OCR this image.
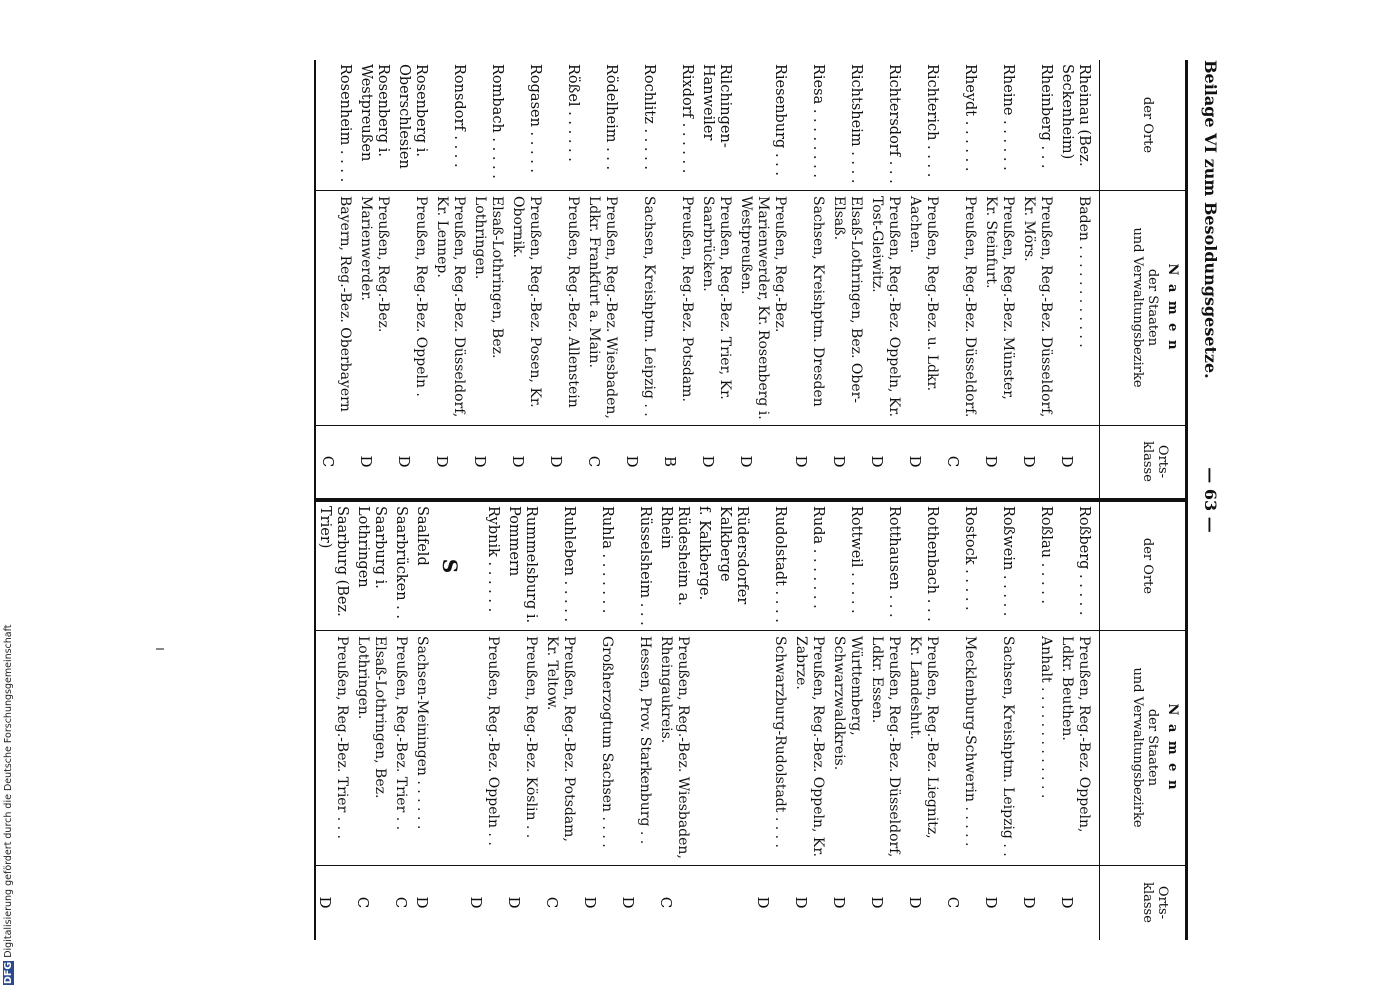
Beilage VI zum Besoldungsgesetze.
— 63 —
der Orte
N a m e n
der Staaten
und Verwaltungsbezirke
Orts-
klasse
der Orte
N a m e n
der Staaten
und Verwaltungsbezirke
Orts-
klasse
Rheinau (Bez. Seckenheim)
Baden . . . . . . . . . . . .
D
Rheinberg . . .
Preußen, Reg.-Bez. Düsseldorf, Kr. Mörs.
D
Rheine . . . . . .
Preußen, Reg.-Bez. Münster, Kr. Steinfurt.
D
Rheydt . . . . . .
Preußen, Reg.-Bez. Düsseldorf.
C
Richterich . . . .
Preußen, Reg.-Bez. u. Ldkr. Aachen.
D
Richtersdorf . . .
Preußen, Reg.-Bez. Oppeln, Kr. Tost-Gleiwitz.
D
Richtsheim . . . .
Elsaß-Lothringen, Bez. Ober-Elsaß.
D
Riesa . . . . . . . .
Sachsen, Kreishptm. Dresden
D
Riesenburg . . .
Preußen, Reg.-Bez. Marienwerder, Kr. Rosenberg i. Westpreußen.
D
Rilchingen-Hanweiler
Preußen, Reg.-Bez. Trier, Kr. Saarbrücken.
D
Rixdorf . . . . . .
Preußen, Reg.-Bez. Potsdam.
B
Rochlitz . . . . .
Sachsen, Kreishptm. Leipzig . .
D
Rödelheim . . .
Preußen, Reg.-Bez. Wiesbaden, Ldkr. Frankfurt a. Main.
C
Rößel . . . . . .
Preußen, Reg.-Bez. Allenstein
D
Rogasen . . . . .
Preußen, Reg.-Bez. Posen, Kr. Obornik.
D
Rombach . . . . .
Elsaß-Lothringen, Bez. Lothringen.
D
Ronsdorf . . . .
Preußen, Reg.-Bez. Düsseldorf, Kr. Lennep.
D
Rosenberg i. Oberschlesien
Preußen, Reg.-Bez. Oppeln .
D
Rosenberg i. Westpreußen
Preußen, Reg.-Bez. Marienwerder.
D
Rosenheim . . . .
Bayern, Reg.-Bez. Oberbayern
C
Roßberg . . . . .
Preußen, Reg.-Bez. Oppeln, Ldkr. Beuthen.
D
Roßlau . . . . .
Anhalt . . . . . . . . . . . . .
D
Roßwein . . . . .
Sachsen, Kreishptm. Leipzig . .
D
Rostock . . . . .
Mecklenburg-Schwerin . . . . .
C
Rothenbach . . .
Preußen, Reg.-Bez. Liegnitz, Kr. Landeshut.
D
Rotthausen . . .
Preußen, Reg.-Bez. Düsseldorf, Ldkr. Essen.
D
Rottweil . . . . .
Württemberg, Schwarzwaldkreis.
D
Ruda . . . . . . .
Preußen, Reg.-Bez. Oppeln, Kr. Zabrze.
D
Rudolstadt . . . .
Schwarzburg-Rudolstadt . . . .
D
Rüdersdorfer Kalkberge
f. Kalkberge.
Rüdesheim a. Rhein
Preußen, Reg.-Bez. Wiesbaden, Rheingaukreis.
C
Rüsselsheim . . .
Hessen, Prov. Starkenburg . .
D
Ruhla . . . . . . .
Großherzogtum Sachsen . . . .
D
Ruhleben . . . . .
Preußen, Reg.-Bez. Potsdam, Kr. Teltow.
C
Rummelsburg i. Pommern
Preußen, Reg.-Bez. Köslin . .
D
Rybnik . . . . . .
Preußen, Reg.-Bez. Oppeln . .
D
Saalfeld
Sachsen-Meiningen . . . . . .
D
Saarbrücken . .
Preußen, Reg.-Bez. Trier . .
C
Saarburg i. Lothringen
Elsaß-Lothringen, Bez. Lothringen.
C
Saarburg (Bez. Trier)
Preußen, Reg.-Bez. Trier . . .
D
S
DFG Digitalisierung gefördert durch die Deutsche Forschungsgemeinschaft
